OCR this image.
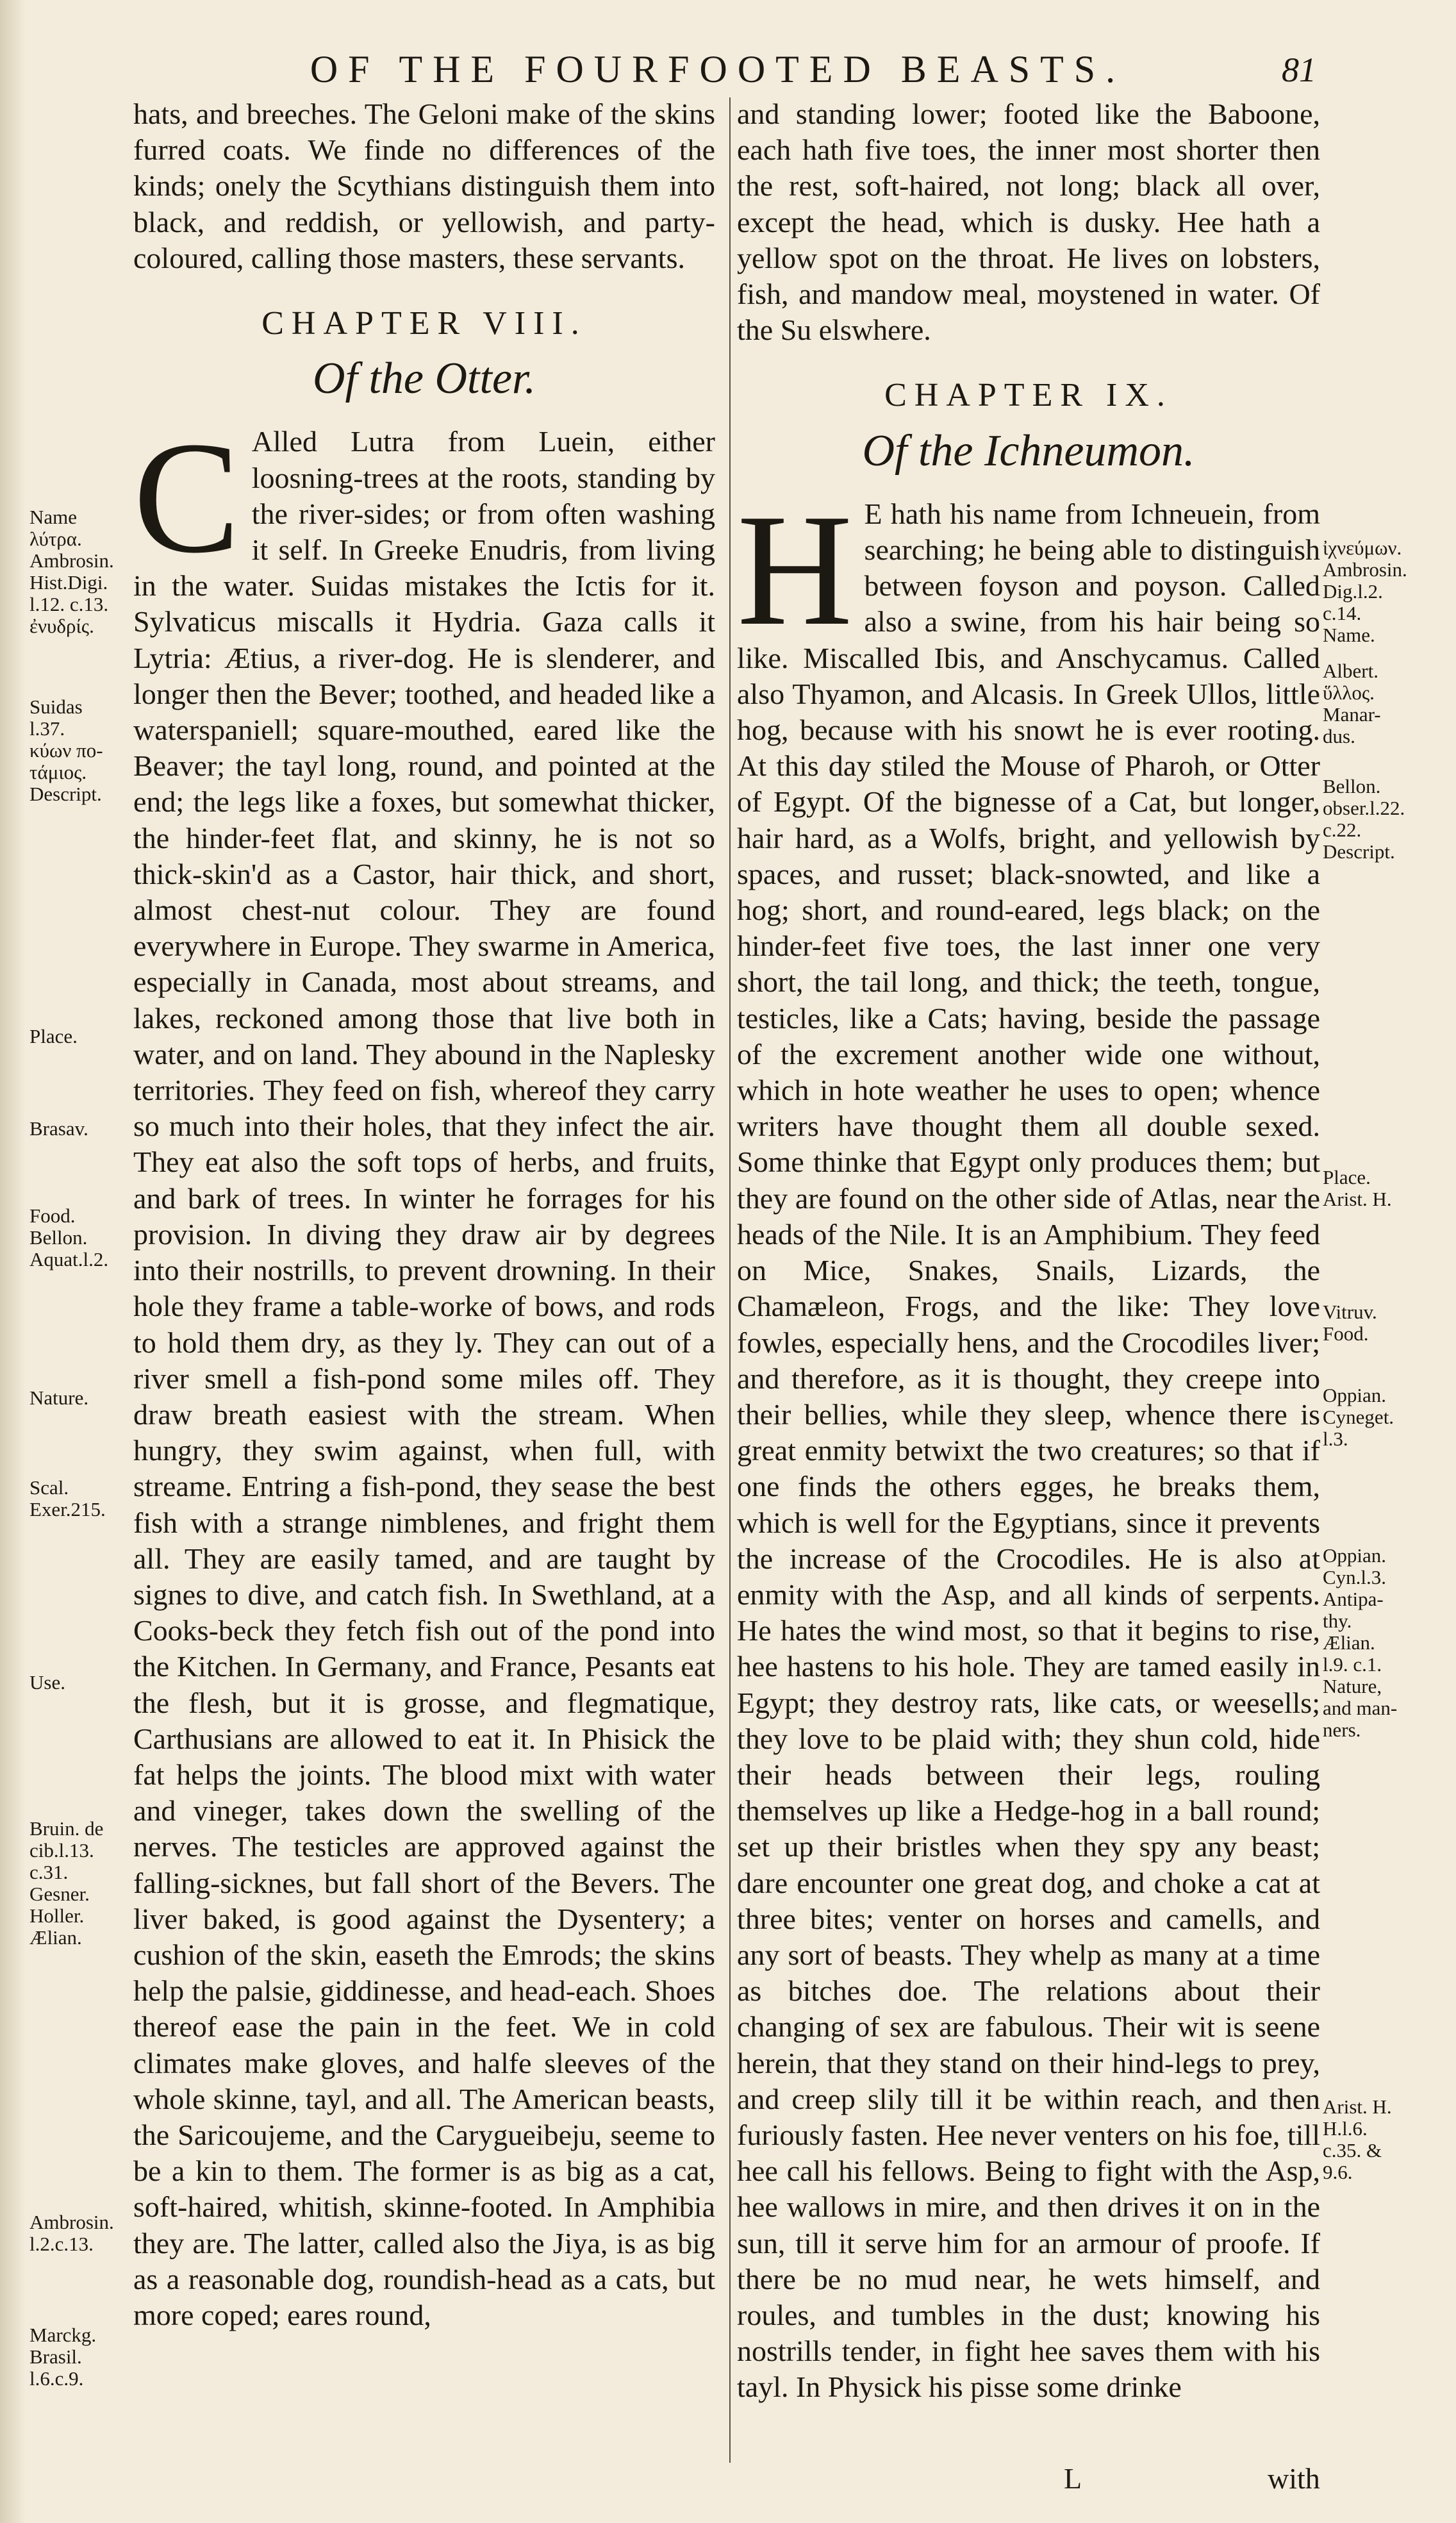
OF THE FOURFOOTED BEASTS.	81

hats, and breeches. The Geloni make of the skins furred coats. We finde no differences of the kinds; onely the Scythians distinguish them into black, and reddish, or yellowish, and party-coloured, calling those masters, these servants.

CHAPTER VIII.
Of the Otter.
C Alled Lutra from Luein, either loosning-trees at the roots, standing by the river-sides; or from often washing it self. In Greeke Enudris, from living in the water. Suidas mistakes the Ictis for it. Sylvaticus miscalls it Hydria. Gaza calls it Lytria: Ætius, a river-dog. He is slenderer, and longer then the Bever; toothed, and headed like a waterspaniell; square-mouthed, eared like the Beaver; the tayl long, round, and pointed at the end; the legs like a foxes, but somewhat thicker, the hinder-feet flat, and skinny, he is not so thick-skin'd as a Castor, hair thick, and short, almost chest-nut colour. They are found everywhere in Europe. They swarme in America, especially in Canada, most about streams, and lakes, reckoned among those that live both in water, and on land. They abound in the Naplesky territories. They feed on fish, whereof they carry so much into their holes, that they infect the air. They eat also the soft tops of herbs, and fruits, and bark of trees. In winter he forrages for his provision. In diving they draw air by degrees into their nostrills, to prevent drowning. In their hole they frame a table-worke of bows, and rods to hold them dry, as they ly. They can out of a river smell a fish-pond some miles off. They draw breath easiest with the stream. When hungry, they swim against, when full, with streame. Entring a fish-pond, they sease the best fish with a strange nimblenes, and fright them all. They are easily tamed, and are taught by signes to dive, and catch fish. In Swethland, at a Cooks-beck they fetch fish out of the pond into the Kitchen. In Germany, and France, Pesants eat the flesh, but it is grosse, and flegmatique, Carthusians are allowed to eat it. In Phisick the fat helps the joints. The blood mixt with water and vineger, takes down the swelling of the nerves. The testicles are approved against the falling-sicknes, but fall short of the Bevers. The liver baked, is good against the Dysentery; a cushion of the skin, easeth the Emrods; the skins help the palsie, giddinesse, and head-each. Shoes thereof ease the pain in the feet. We in cold climates make gloves, and halfe sleeves of the whole skinne, tayl, and all. The American beasts, the Saricoujeme, and the Carygueibeju, seeme to be a kin to them. The former is as big as a cat, soft-haired, whitish, skinne-footed. In Amphibia they are. The latter, called also the Jiya, is as big as a reasonable dog, roundish-head as a cats, but more coped; eares round,

and standing lower; footed like the Baboone, each hath five toes, the inner most shorter then the rest, soft-haired, not long; black all over, except the head, which is dusky. Hee hath a yellow spot on the throat. He lives on lobsters, fish, and mandow meal, moystened in water. Of the Su elswhere.

CHAPTER IX.
Of the Ichneumon.
H E hath his name from Ichneuein, from searching; he being able to distinguish between foyson and poyson. Called also a swine, from his hair being so like. Miscalled Ibis, and Anschycamus. Called also Thyamon, and Alcasis. In Greek Ullos, little hog, because with his snowt he is ever rooting. At this day stiled the Mouse of Pharoh, or Otter of Egypt. Of the bignesse of a Cat, but longer, hair hard, as a Wolfs, bright, and yellowish by spaces, and russet; black-snowted, and like a hog; short, and round-eared, legs black; on the hinder-feet five toes, the last inner one very short, the tail long, and thick; the teeth, tongue, testicles, like a Cats; having, beside the passage of the excrement another wide one without, which in hote weather he uses to open; whence writers have thought them all double sexed. Some thinke that Egypt only produces them; but they are found on the other side of Atlas, near the heads of the Nile. It is an Amphibium. They feed on Mice, Snakes, Snails, Lizards, the Chamæleon, Frogs, and the like: They love fowles, especially hens, and the Crocodiles liver; and therefore, as it is thought, they creepe into their bellies, while they sleep, whence there is great enmity betwixt the two creatures; so that if one finds the others egges, he breaks them, which is well for the Egyptians, since it prevents the increase of the Crocodiles. He is also at enmity with the Asp, and all kinds of serpents. He hates the wind most, so that it begins to rise, hee hastens to his hole. They are tamed easily in Egypt; they destroy rats, like cats, or weesells; they love to be plaid with; they shun cold, hide their heads between their legs, rouling themselves up like a Hedge-hog in a ball round; set up their bristles when they spy any beast; dare encounter one great dog, and choke a cat at three bites; venter on horses and camells, and any sort of beasts. They whelp as many at a time as bitches doe. The relations about their changing of sex are fabulous. Their wit is seene herein, that they stand on their hind-legs to prey, and creep slily till it be within reach, and then furiously fasten. Hee never venters on his foe, till hee call his fellows. Being to fight with the Asp, hee wallows in mire, and then drives it on in the sun, till it serve him for an armour of proofe. If there be no mud near, he wets himself, and roules, and tumbles in the dust; knowing his nostrills tender, in fight hee saves them with his tayl. In Physick his pisse some drinke

Name
λύτρα.
Ambrosin.
Hist.Digi.
l.12. c.13.
ἐνυδρίς.
Suidas
l.37.
κύων πο-
τάμιος.
Descript.
Place.
Brasav.
Food.
Bellon.
Aquat.l.2.
Nature.
Scal.
Exer.215.
Use.
Bruin. de
cib.l.13.
c.31.
Gesner.
Holler.
Ælian.
Ambrosin.
l.2.c.13.
Marckg.
Brasil.
l.6.c.9.
ἰχνεύμων.
Ambrosin.
Dig.l.2.
c.14.
Name.
Albert.
ὕλλος.
Manar-
dus.
Bellon.
obser.l.22.
c.22.
Descript.
Place.
Arist. H.
Vitruv.
Food.
Oppian.
Cyneget.
l.3.
Oppian.
Cyn.l.3.
Antipa-
thy.
Ælian.
l.9. c.1.
Nature,
and man-
ners.
Arist. H.
H.l.6.
c.35. &
9.6.
L	with
